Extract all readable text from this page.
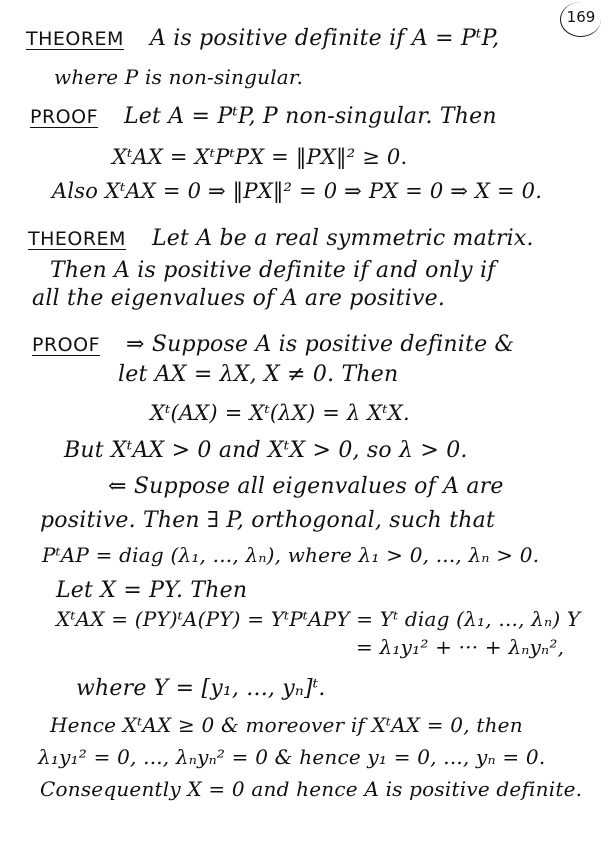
169
THEOREM A is positive definite if A = PᵗP,
where P is non-singular.
PROOF Let A = PᵗP, P non-singular. Then
XᵗAX = XᵗPᵗPX = ‖PX‖² ≥ 0.
Also XᵗAX = 0 ⇒ ‖PX‖² = 0 ⇒ PX = 0 ⇒ X = 0.
THEOREM Let A be a real symmetric matrix.
Then A is positive definite if and only if
all the eigenvalues of A are positive.
PROOF ⇒ Suppose A is positive definite &
let AX = λX, X ≠ 0. Then
Xᵗ(AX) = Xᵗ(λX) = λ XᵗX.
But XᵗAX > 0 and XᵗX > 0, so λ > 0.
⇐ Suppose all eigenvalues of A are
positive. Then ∃ P, orthogonal, such that
PᵗAP = diag (λ₁, ..., λₙ), where λ₁ > 0, ..., λₙ > 0.
Let X = PY. Then
XᵗAX = (PY)ᵗA(PY) = YᵗPᵗAPY = Yᵗ diag (λ₁, ..., λₙ) Y
= λ₁y₁² + ··· + λₙyₙ²,
where Y = [y₁, ..., yₙ]ᵗ.
Hence XᵗAX ≥ 0 & moreover if XᵗAX = 0, then
λ₁y₁² = 0, ..., λₙyₙ² = 0 & hence y₁ = 0, ..., yₙ = 0.
Consequently X = 0 and hence A is positive definite.
